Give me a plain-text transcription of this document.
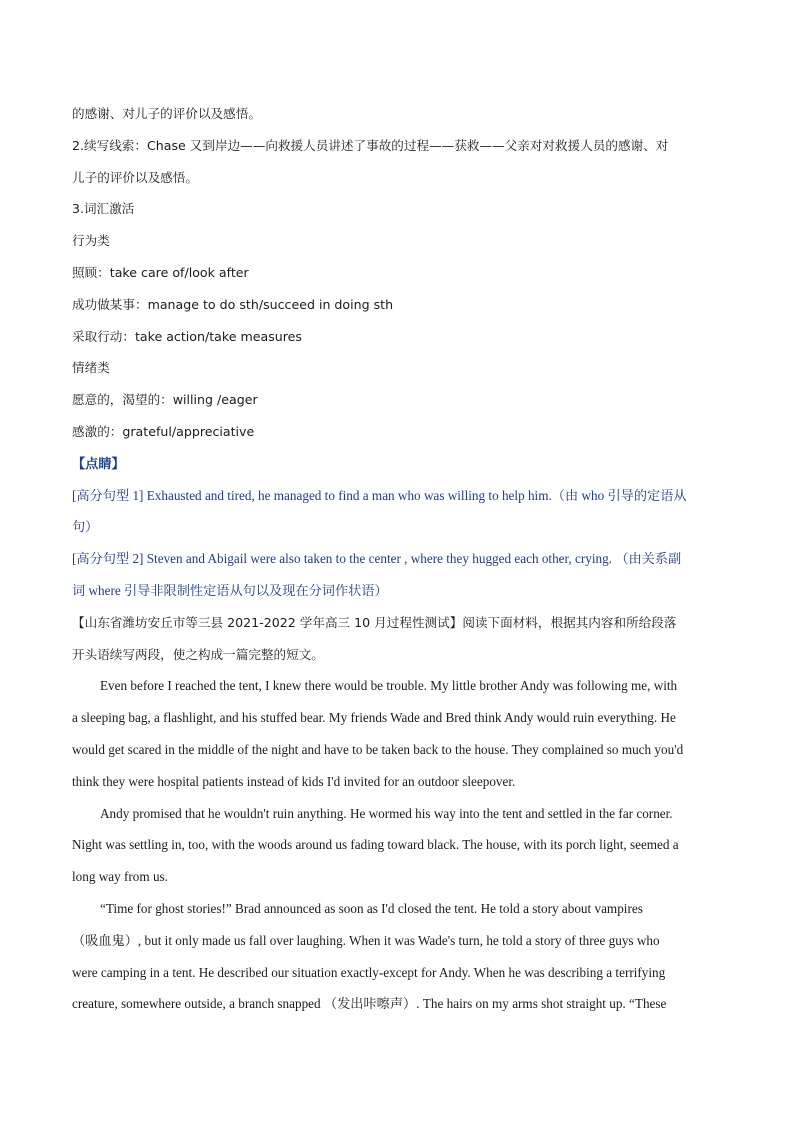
的感谢、对儿子的评价以及感悟。
2.续写线索：Chase 又到岸边——向救援人员讲述了事故的过程——获救——父亲对对救援人员的感谢、对
儿子的评价以及感悟。
3.词汇激活
行为类
照顾：take care of/look after
成功做某事：manage to do sth/succeed in doing sth
采取行动：take action/take measures
情绪类
愿意的，渴望的：willing /eager
感激的：grateful/appreciative
【点睛】
[高分句型 1] Exhausted and tired, he managed to find a man who was willing to help him.（由 who 引导的定语从
句）
[高分句型 2] Steven and Abigail were also taken to the center , where they hugged each other, crying. （由关系副
词 where 引导非限制性定语从句以及现在分词作状语）
【山东省潍坊安丘市等三县 2021-2022 学年高三 10 月过程性测试】阅读下面材料，根据其内容和所给段落
开头语续写两段，使之构成一篇完整的短文。
Even before I reached the tent, I knew there would be trouble. My little brother Andy was following me, with
a sleeping bag, a flashlight, and his stuffed bear. My friends Wade and Bred think Andy would ruin everything. He
would get scared in the middle of the night and have to be taken back to the house. They complained so much you'd
think they were hospital patients instead of kids I'd invited for an outdoor sleepover.
Andy promised that he wouldn't ruin anything. He wormed his way into the tent and settled in the far corner.
Night was settling in, too, with the woods around us fading toward black. The house, with its porch light, seemed a
long way from us.
“Time for ghost stories!” Brad announced as soon as I'd closed the tent. He told a story about vampires
（吸血鬼）, but it only made us fall over laughing. When it was Wade's turn, he told a story of three guys who
were camping in a tent. He described our situation exactly-except for Andy. When he was describing a terrifying
creature, somewhere outside, a branch snapped （发出咔嚓声）. The hairs on my arms shot straight up. “These
